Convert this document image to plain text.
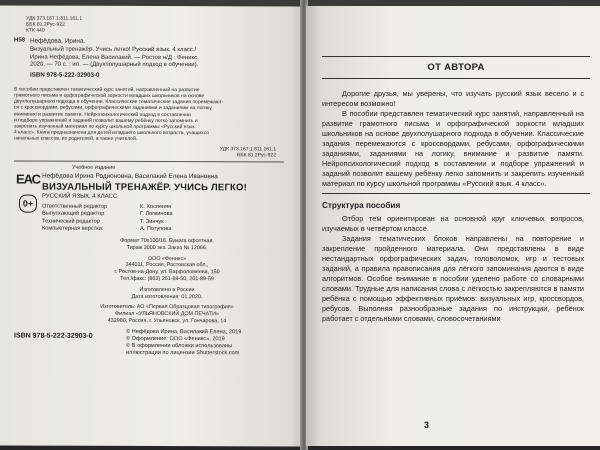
УДК 373.167.1:811.161.1
ББК 81.2Рус-922
КТК 440
Н58 Нефёдова, Ирина.
Визуальный тренажёр. Учись легко! Русский язык. 4 класс /
Ирина Нефёдова, Елена Василакий. — Ростов н/Д : Феникс,
2020. — 70 с. : ил. — (Двухполушарный подход в обучении).
ISBN 978-5-222-32903-0
В пособии представлен тематический курс занятий, направленный на развитие
грамотного письма и орфографической зоркости младших школьников на основе
двухполушарного подхода в обучении. Классические тематические задания перемежают-
ся с кроссвордами, ребусами, орфографическими заданиями и заданиями на логику,
внимание и развитие памяти. Нейропсихологический подход в составлении
и подборе упражнений и заданий позволит вашему ребёнку легко запомнить и
закрепить изученный материал по курсу школьной программы «Русский язык.
4 класс». Книга предназначена для детей младшего школьного возраста, учащихся
начальных классов, их родителей, а также учителей.
УДК 373.167.1:811.161.1
ББК 81.2Рус-922
Учебное издание
ЕАС
0+
Нефёдова Ирина Родионовна, Василакий Елена Ивановна
ВИЗУАЛЬНЫЙ ТРЕНАЖЁР. УЧИСЬ ЛЕГКО!
РУССКИЙ ЯЗЫК. 4 КЛАСС
Ответственный редактор	К. Хоспенян
Выпускающий редактор	Г. Логвинова
Технический редактор	Т. Зинчук
Компьютерная верстка:	А. Потупова
Формат 70x100/16. Бумага офсетная.
Тираж 3000 экз. Заказ № 12066.
ООО «Феникс»
344011, Россия, Ростовская обл.,
г. Ростов-на-Дону, ул. Варфоломеева, 150
Тел./факс: (863) 261-89-50, 261-89-59
Изготовлено в России
Дата изготовления: 01.2020.
Изготовитель: АО «Первая Образцовая типография»
Филиал «УЛЬЯНОВСКИЙ ДОМ ПЕЧАТИ»
432980, Россия, г. Ульяновск, ул. Гончарова, 14
ISBN 978-5-222-32903-0
© Нефёдова Ирина, Василакий Елена, 2019
© Оформление: ООО «Феникс», 2019
© В оформлении обложки использованы
иллюстрации по лицензии Shutterstock.com
ОТ АВТОРА

Дорогие друзья, мы уверены, что изучать русский язык весело и с интересом возможно!

В пособии представлен тематический курс занятий, направленный на развитие грамотного письма и орфографической зоркости младших школьников на основе двухполушарного подхода в обучении. Классические задания перемежаются с кроссвордами, ребусами, орфографическими заданиями, заданиями на логику, внимание и развитие памяти. Нейропсихологический подход в составлении и подборе упражнений и заданий позволит вашему ребёнку легко запомнить и закрепить изученный материал по курсу школьной программы «Русский язык. 4 класс».

Структура пособия

Отбор тем ориентирован на основной круг ключевых вопросов, изучаемых в четвёртом классе.

Задания тематических блоков направлены на повторение и закрепление пройденного материала. Они представлены в виде нестандартных орфографических задач, головоломок, игр и тестовых заданий, а правила правописания для лёгкого запоминания даются в виде алгоритмов. Особое внимание в пособии уделено работе со словарными словами. Трудные для написания слова с лёгкостью закрепляются в памяти ребёнка с помощью эффективных приёмов: визуальных игр, кроссвордов, ребусов. Выполняя разнообразные задания по инструкции, ребёнок работает с отдельными словами, словосочетаниями

3
